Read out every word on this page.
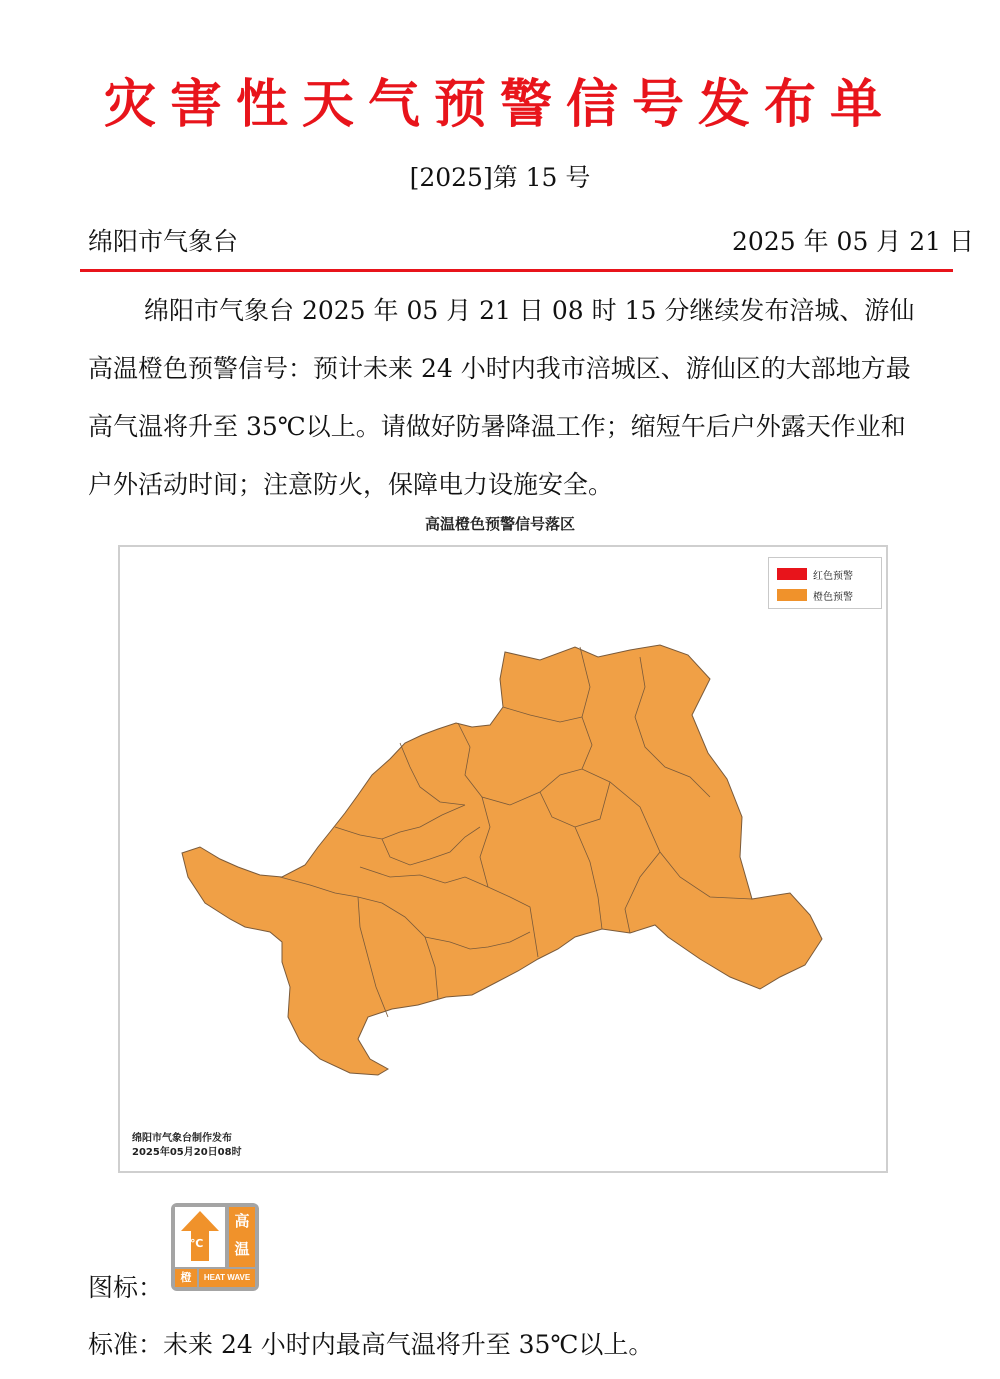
灾害性天气预警信号发布单
[2025]第 15 号
绵阳市气象台	2025 年 05 月 21 日
绵阳市气象台 2025 年 05 月 21 日 08 时 15 分继续发布涪城、游仙高温橙色预警信号：预计未来 24 小时内我市涪城区、游仙区的大部地方最高气温将升至 35℃以上。请做好防暑降温工作；缩短午后户外露天作业和户外活动时间；注意防火，保障电力设施安全。
高温橙色预警信号落区
红色预警
橙色预警
绵阳市气象台制作发布
2025年05月20日08时
图标：
℃
高
温
橙	HEAT WAVE
标准：未来 24 小时内最高气温将升至 35℃以上。
